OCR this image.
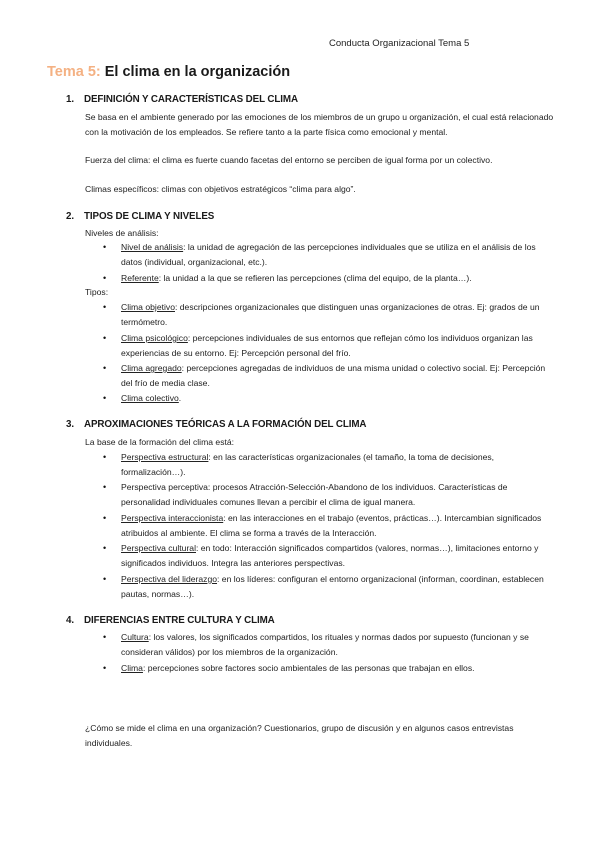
Conducta Organizacional Tema 5
Tema 5: El clima en la organización
1. DEFINICIÓN Y CARACTERÍSTICAS DEL CLIMA
Se basa en el ambiente generado por las emociones de los miembros de un grupo u organización, el cual está relacionado con la motivación de los empleados. Se refiere tanto a la parte física como emocional y mental.
Fuerza del clima: el clima es fuerte cuando facetas del entorno se perciben de igual forma por un colectivo.
Climas específicos: climas con objetivos estratégicos “clima para algo”.
2. TIPOS DE CLIMA Y NIVELES
Niveles de análisis:
• Nivel de análisis: la unidad de agregación de las percepciones individuales que se utiliza en el análisis de los datos (individual, organizacional, etc.).
• Referente: la unidad a la que se refieren las percepciones (clima del equipo, de la planta…).
Tipos:
• Clima objetivo: descripciones organizacionales que distinguen unas organizaciones de otras. Ej: grados de un termómetro.
• Clima psicológico: percepciones individuales de sus entornos que reflejan cómo los individuos organizan las experiencias de su entorno. Ej: Percepción personal del frío.
• Clima agregado: percepciones agregadas de individuos de una misma unidad o colectivo social. Ej: Percepción del frío de media clase.
• Clima colectivo.
3. APROXIMACIONES TEÓRICAS A LA FORMACIÓN DEL CLIMA
La base de la formación del clima está:
• Perspectiva estructural: en las características organizacionales (el tamaño, la toma de decisiones, formalización…).
• Perspectiva perceptiva: procesos Atracción-Selección-Abandono de los individuos. Características de personalidad individuales comunes llevan a percibir el clima de igual manera.
• Perspectiva interaccionista: en las interacciones en el trabajo (eventos, prácticas…). Intercambian significados atribuidos al ambiente. El clima se forma a través de la Interacción.
• Perspectiva cultural: en todo: Interacción significados compartidos (valores, normas…), limitaciones entorno y significados individuos. Integra las anteriores perspectivas.
• Perspectiva del liderazgo: en los líderes: configuran el entorno organizacional (informan, coordinan, establecen pautas, normas…).
4. DIFERENCIAS ENTRE CULTURA Y CLIMA
• Cultura: los valores, los significados compartidos, los rituales y normas dados por supuesto (funcionan y se consideran válidos) por los miembros de la organización.
• Clima: percepciones sobre factores socio ambientales de las personas que trabajan en ellos.
¿Cómo se mide el clima en una organización? Cuestionarios, grupo de discusión y en algunos casos entrevistas individuales.
